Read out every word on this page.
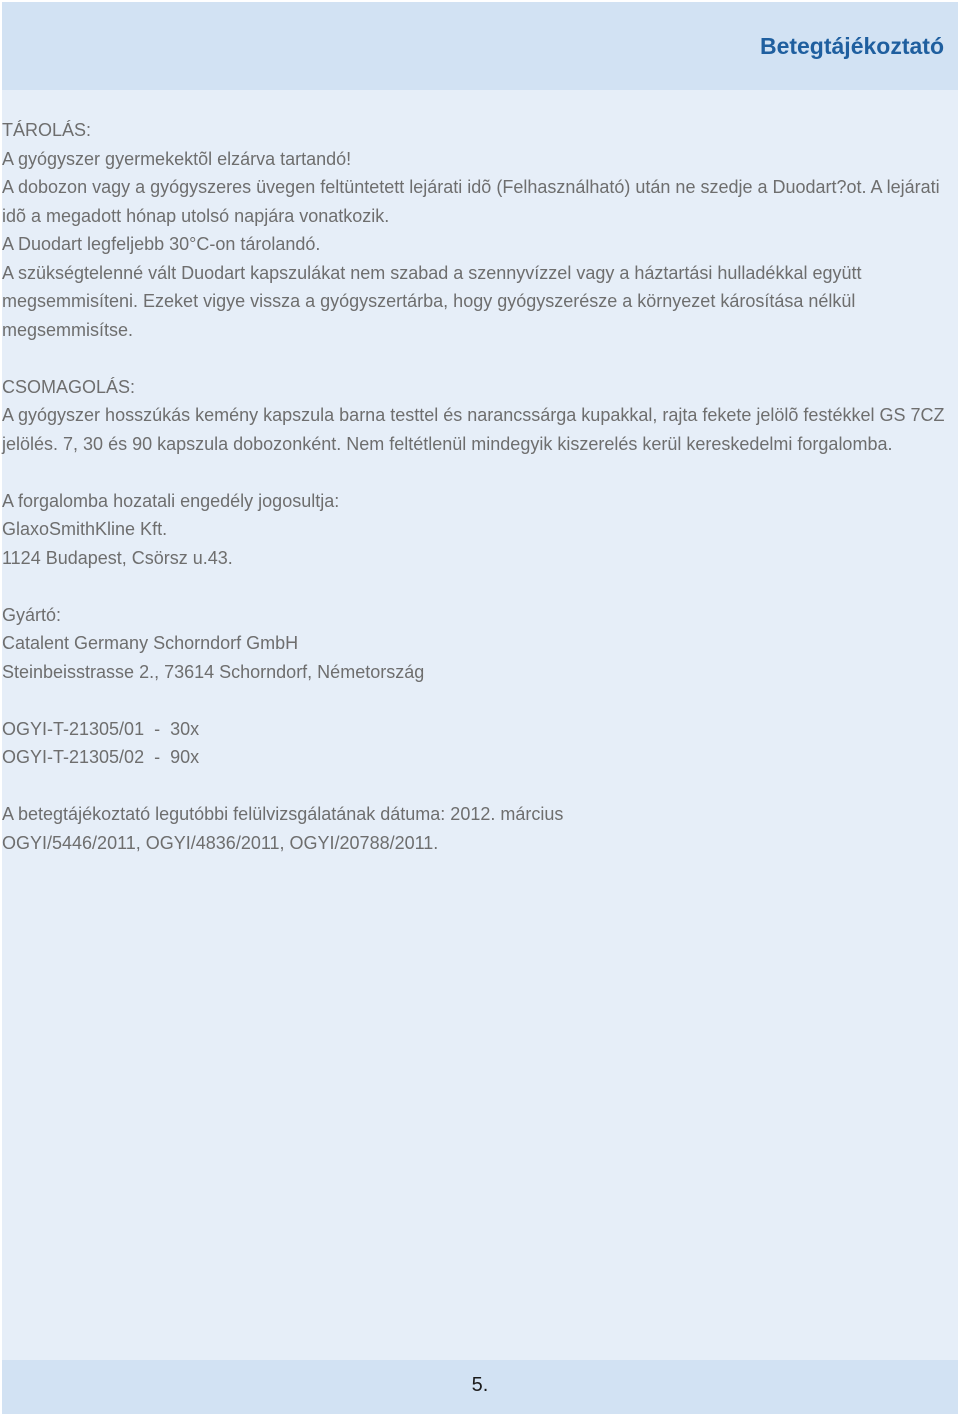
Betegtájékoztató

TÁROLÁS:

A gyógyszer gyermekektõl elzárva tartandó!

A dobozon vagy a gyógyszeres üvegen feltüntetett lejárati idõ (Felhasználható) után ne szedje a Duodart?ot. A lejárati idõ a megadott hónap utolsó napjára vonatkozik.

A Duodart legfeljebb 30°C-on tárolandó.

A szükségtelenné vált Duodart kapszulákat nem szabad a szennyvízzel vagy a háztartási hulladékkal együtt megsemmisíteni. Ezeket vigye vissza a gyógyszertárba, hogy gyógyszerésze a környezet károsítása nélkül megsemmisítse.

CSOMAGOLÁS:

A gyógyszer hosszúkás kemény kapszula barna testtel és narancssárga kupakkal, rajta fekete jelölõ festékkel GS 7CZ jelölés. 7, 30 és 90 kapszula dobozonként. Nem feltétlenül mindegyik kiszerelés kerül kereskedelmi forgalomba.

A forgalomba hozatali engedély jogosultja:

GlaxoSmithKline Kft.

1124 Budapest, Csörsz u.43.

Gyártó:

Catalent Germany Schorndorf GmbH

Steinbeisstrasse 2., 73614 Schorndorf, Németország

OGYI-T-21305/01  -  30x

OGYI-T-21305/02  -  90x

A betegtájékoztató legutóbbi felülvizsgálatának dátuma: 2012. március

OGYI/5446/2011, OGYI/4836/2011, OGYI/20788/2011.

5.
